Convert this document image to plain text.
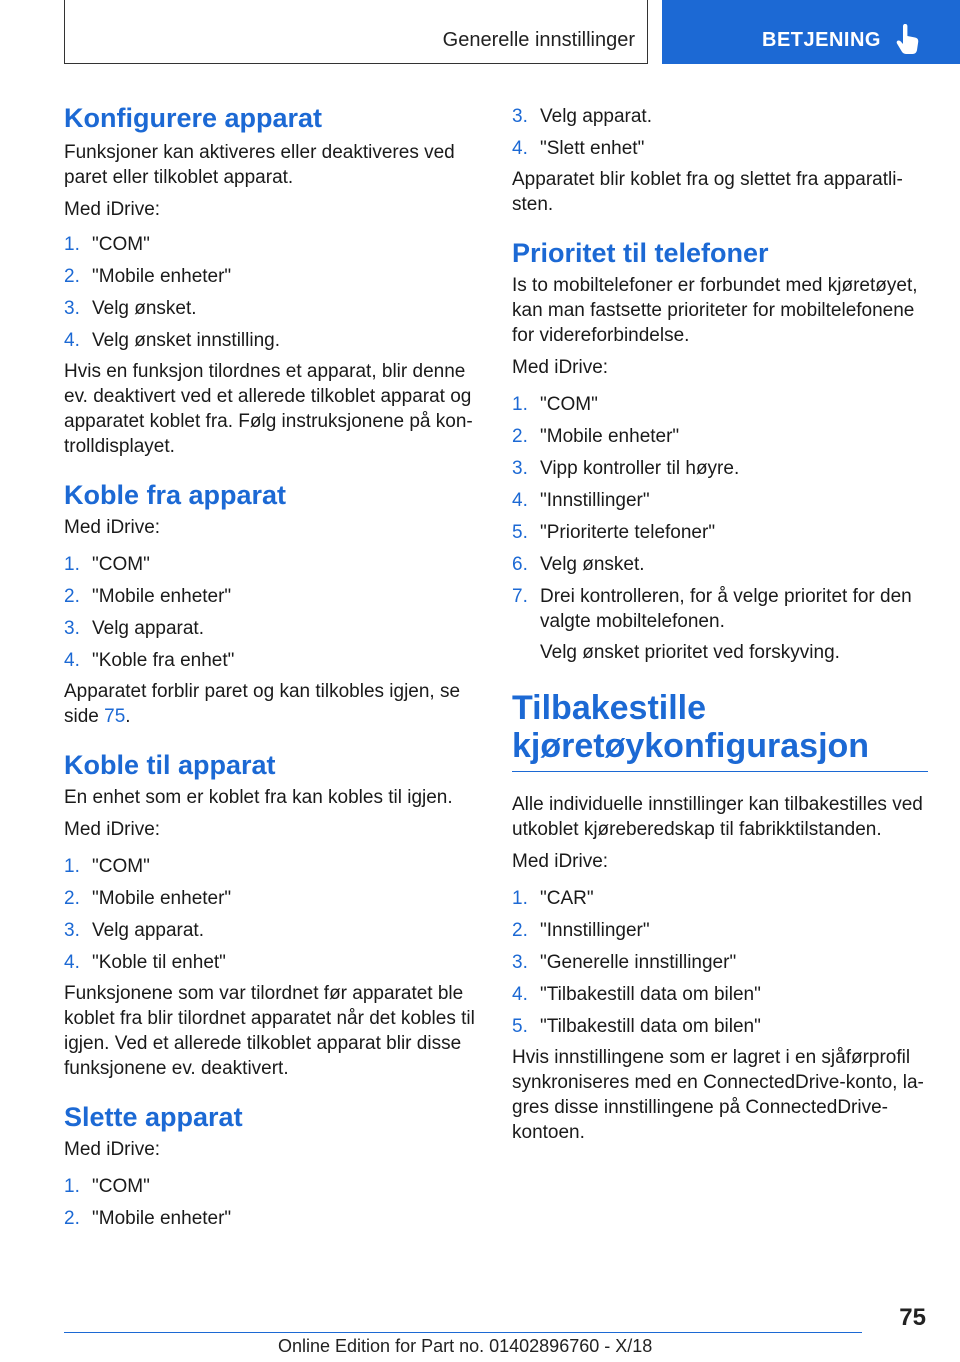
Generelle innstillinger	BETJENING
Konfigurere apparat

Funksjoner kan aktiveres eller deaktiveres ved paret eller tilkoblet apparat.

Med iDrive:

1. "COM"
2. "Mobile enheter"
3. Velg ønsket.
4. Velg ønsket innstilling.

Hvis en funksjon tilordnes et apparat, blir denne ev. deaktivert ved et allerede tilkoblet apparat og apparatet koblet fra. Følg instruksjonene på kontrolldisplayet.

Koble fra apparat

Med iDrive:

1. "COM"
2. "Mobile enheter"
3. Velg apparat.
4. "Koble fra enhet"

Apparatet forblir paret og kan tilkobles igjen, se side 75.

Koble til apparat

En enhet som er koblet fra kan kobles til igjen.

Med iDrive:

1. "COM"
2. "Mobile enheter"
3. Velg apparat.
4. "Koble til enhet"

Funksjonene som var tilordnet før apparatet ble koblet fra blir tilordnet apparatet når det kobles til igjen. Ved et allerede tilkoblet apparat blir disse funksjonene ev. deaktivert.

Slette apparat

Med iDrive:

1. "COM"
2. "Mobile enheter"
3. Velg apparat.
4. "Slett enhet"

Apparatet blir koblet fra og slettet fra apparatlisten.

Prioritet til telefoner

Is to mobiltelefoner er forbundet med kjøretøyet, kan man fastsette prioriteter for mobiltelefonene for videreforbindelse.

Med iDrive:

1. "COM"
2. "Mobile enheter"
3. Vipp kontroller til høyre.
4. "Innstillinger"
5. "Prioriterte telefoner"
6. Velg ønsket.
7. Drei kontrolleren, for å velge prioritet for den valgte mobiltelefonen.

Velg ønsket prioritet ved forskyving.

Tilbakestille
kjøretøykonfigurasjon

Alle individuelle innstillinger kan tilbakestilles ved utkoblet kjøreberedskap til fabrikktilstanden.

Med iDrive:

1. "CAR"
2. "Innstillinger"
3. "Generelle innstillinger"
4. "Tilbakestill data om bilen"
5. "Tilbakestill data om bilen"

Hvis innstillingene som er lagret i en sjåførprofil synkroniseres med en ConnectedDrive-konto, lagres disse innstillingene på ConnectedDrive-kontoen.

75
Online Edition for Part no. 01402896760 - X/18
